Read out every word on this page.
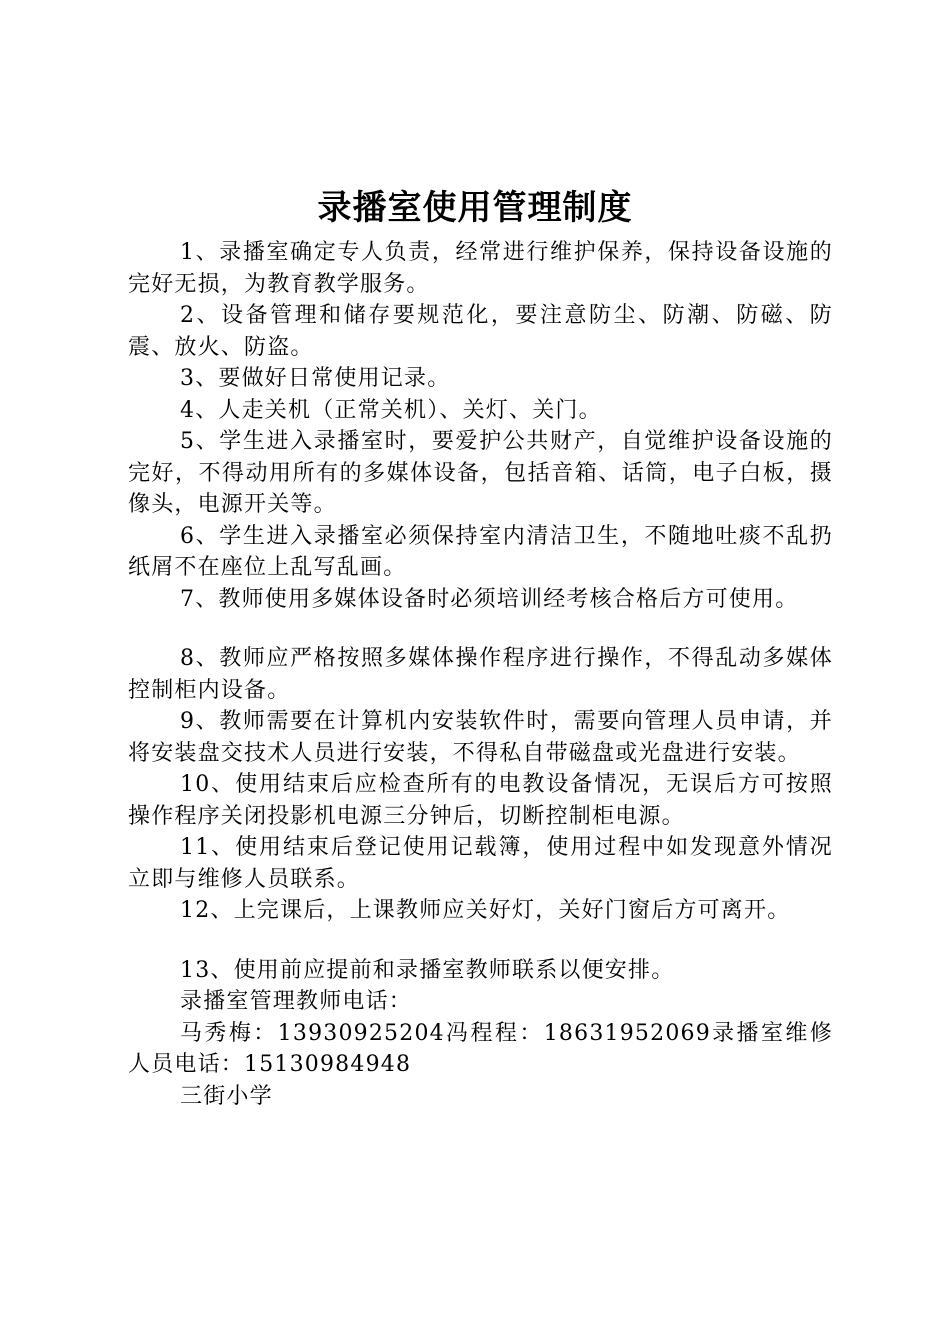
录播室使用管理制度

1、录播室确定专人负责，经常进行维护保养，保持设备设施的完好无损，为教育教学服务。

2、设备管理和储存要规范化，要注意防尘、防潮、防磁、防震、放火、防盗。

3、要做好日常使用记录。

4、人走关机（正常关机）、关灯、关门。

5、学生进入录播室时，要爱护公共财产，自觉维护设备设施的完好，不得动用所有的多媒体设备，包括音箱、话筒，电子白板，摄像头，电源开关等。

6、学生进入录播室必须保持室内清洁卫生，不随地吐痰不乱扔纸屑不在座位上乱写乱画。

7、教师使用多媒体设备时必须培训经考核合格后方可使用。

8、教师应严格按照多媒体操作程序进行操作，不得乱动多媒体控制柜内设备。

9、教师需要在计算机内安装软件时，需要向管理人员申请，并将安装盘交技术人员进行安装，不得私自带磁盘或光盘进行安装。

10、使用结束后应检查所有的电教设备情况，无误后方可按照操作程序关闭投影机电源三分钟后，切断控制柜电源。

11、使用结束后登记使用记载簿，使用过程中如发现意外情况立即与维修人员联系。

12、上完课后，上课教师应关好灯，关好门窗后方可离开。

13、使用前应提前和录播室教师联系以便安排。

录播室管理教师电话：

马秀梅：13930925204冯程程：18631952069录播室维修人员电话：15130984948

三街小学
